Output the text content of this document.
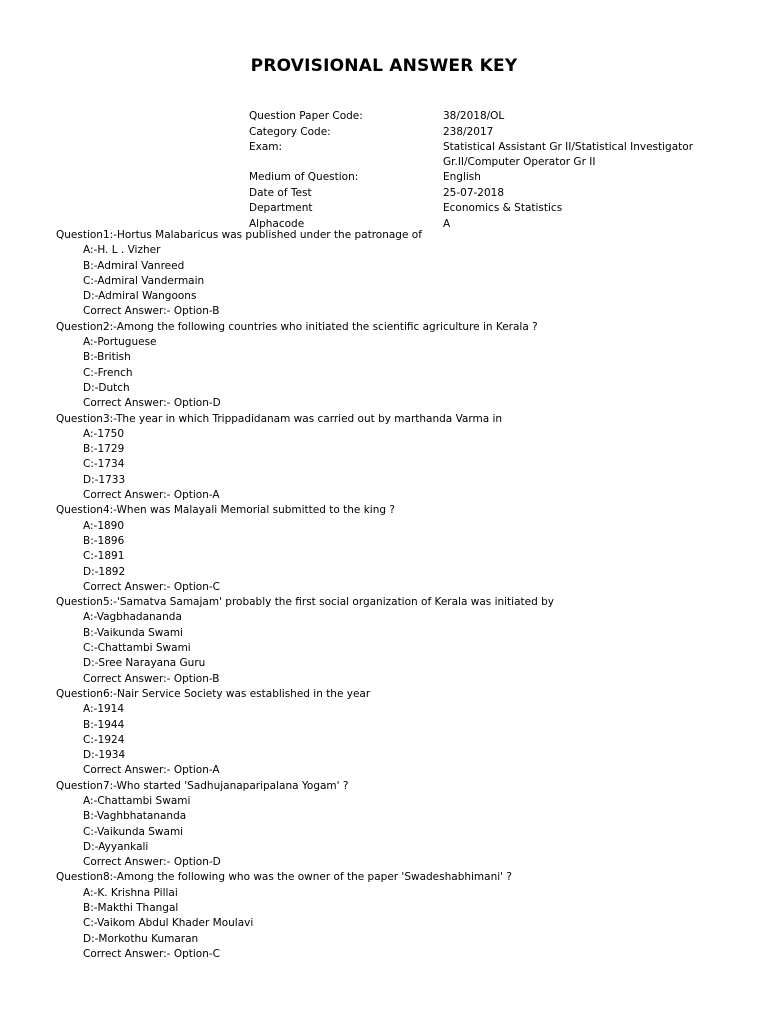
PROVISIONAL ANSWER KEY
Question Paper Code:	38/2018/OL
Category Code:	238/2017
Exam:	Statistical Assistant Gr II/Statistical Investigator Gr.II/Computer Operator Gr II
Medium of Question:	English
Date of Test	25-07-2018
Department	Economics & Statistics
Alphacode	A
Question1:-Hortus Malabaricus was published under the patronage of
A:-H. L . Vizher
B:-Admiral Vanreed
C:-Admiral Vandermain
D:-Admiral Wangoons
Correct Answer:- Option-B
Question2:-Among the following countries who initiated the scientific agriculture in Kerala ?
A:-Portuguese
B:-British
C:-French
D:-Dutch
Correct Answer:- Option-D
Question3:-The year in which Trippadidanam was carried out by marthanda Varma in
A:-1750
B:-1729
C:-1734
D:-1733
Correct Answer:- Option-A
Question4:-When was Malayali Memorial submitted to the king ?
A:-1890
B:-1896
C:-1891
D:-1892
Correct Answer:- Option-C
Question5:-'Samatva Samajam' probably the first social organization of Kerala was initiated by
A:-Vagbhadananda
B:-Vaikunda Swami
C:-Chattambi Swami
D:-Sree Narayana Guru
Correct Answer:- Option-B
Question6:-Nair Service Society was established in the year
A:-1914
B:-1944
C:-1924
D:-1934
Correct Answer:- Option-A
Question7:-Who started 'Sadhujanaparipalana Yogam' ?
A:-Chattambi Swami
B:-Vaghbhatananda
C:-Vaikunda Swami
D:-Ayyankali
Correct Answer:- Option-D
Question8:-Among the following who was the owner of the paper 'Swadeshabhimani' ?
A:-K. Krishna Pillai
B:-Makthi Thangal
C:-Vaikom Abdul Khader Moulavi
D:-Morkothu Kumaran
Correct Answer:- Option-C
